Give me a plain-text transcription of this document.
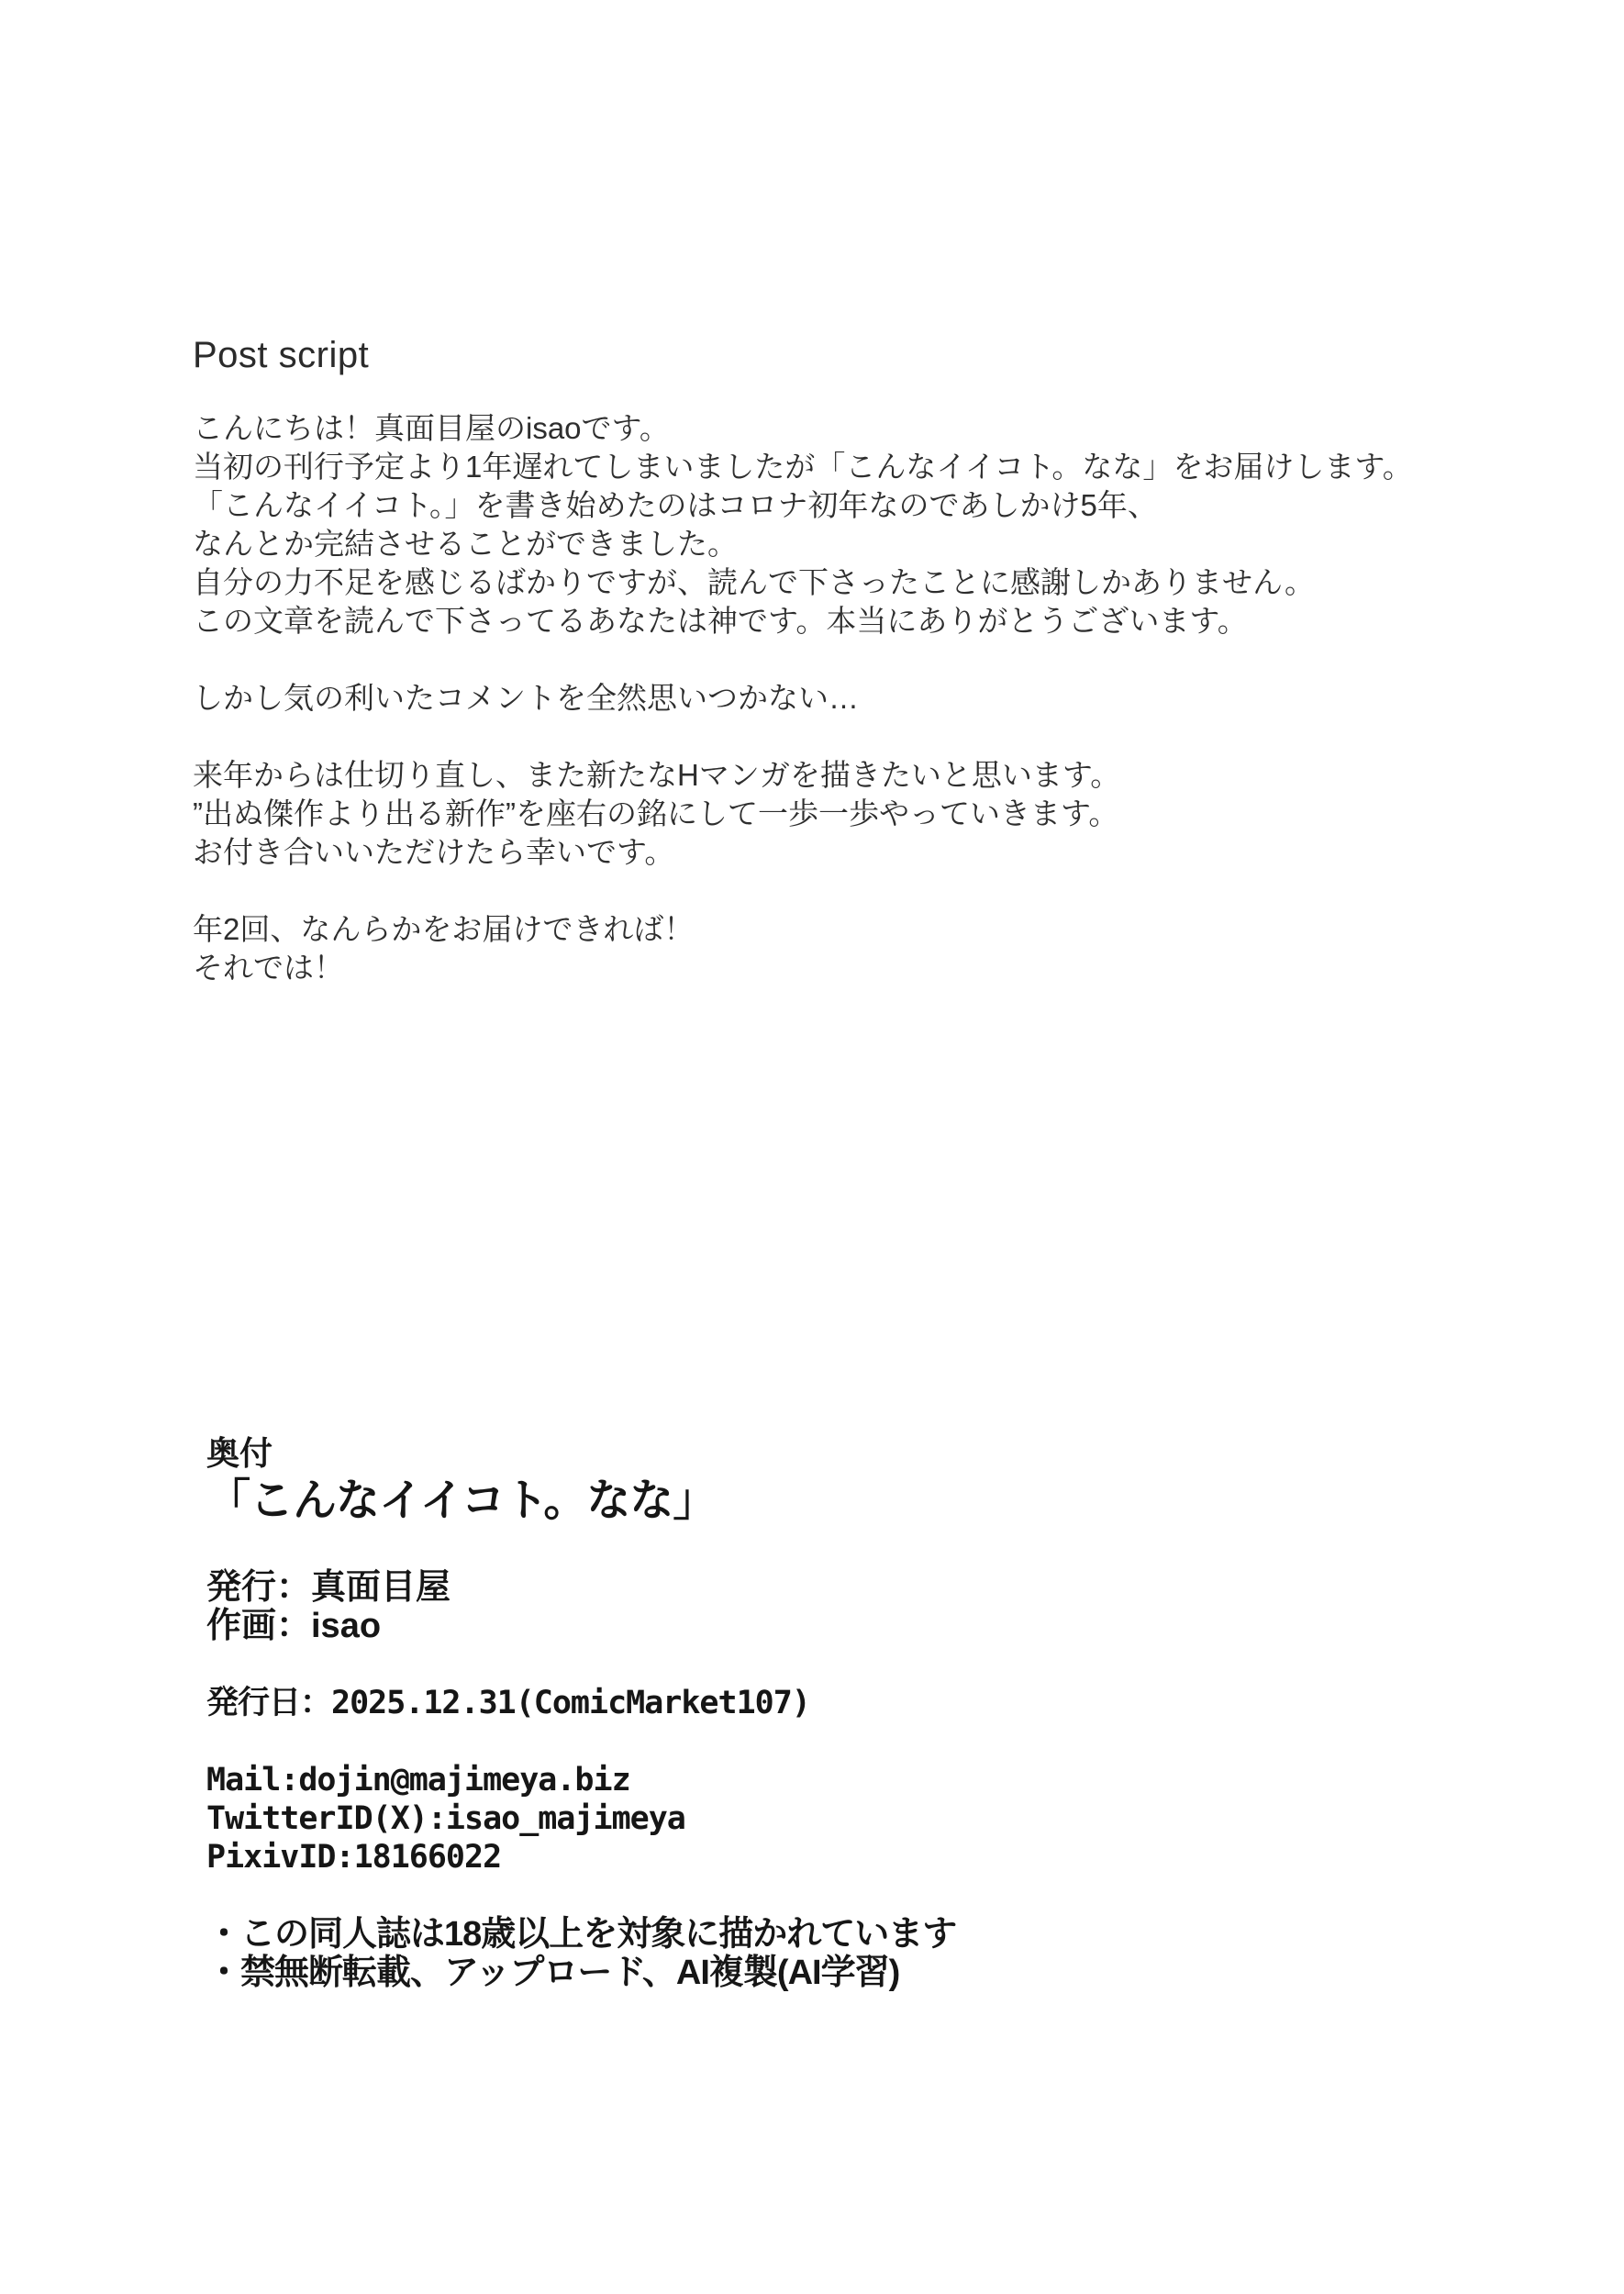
Post script
こんにちは！真面目屋のisaoです。
当初の刊行予定より1年遅れてしまいましたが「こんなイイコト。なな」をお届けします。
「こんなイイコト。」を書き始めたのはコロナ初年なのであしかけ5年、
なんとか完結させることができました。
自分の力不足を感じるばかりですが、読んで下さったことに感謝しかありません。
この文章を読んで下さってるあなたは神です。本当にありがとうございます。
しかし気の利いたコメントを全然思いつかない…
来年からは仕切り直し、また新たなHマンガを描きたいと思います。
”出ぬ傑作より出る新作”を座右の銘にして一歩一歩やっていきます。
お付き合いいただけたら幸いです。
年2回、なんらかをお届けできれば！
それでは！
奥付
「こんなイイコト。なな」
発行：真面目屋
作画：isao
発行日：2025.12.31(ComicMarket107)
Mail:dojin@majimeya.biz
TwitterID(X):isao_majimeya
PixivID:18166022
・この同人誌は18歳以上を対象に描かれています
・禁無断転載、アップロード、AI複製(AI学習)
